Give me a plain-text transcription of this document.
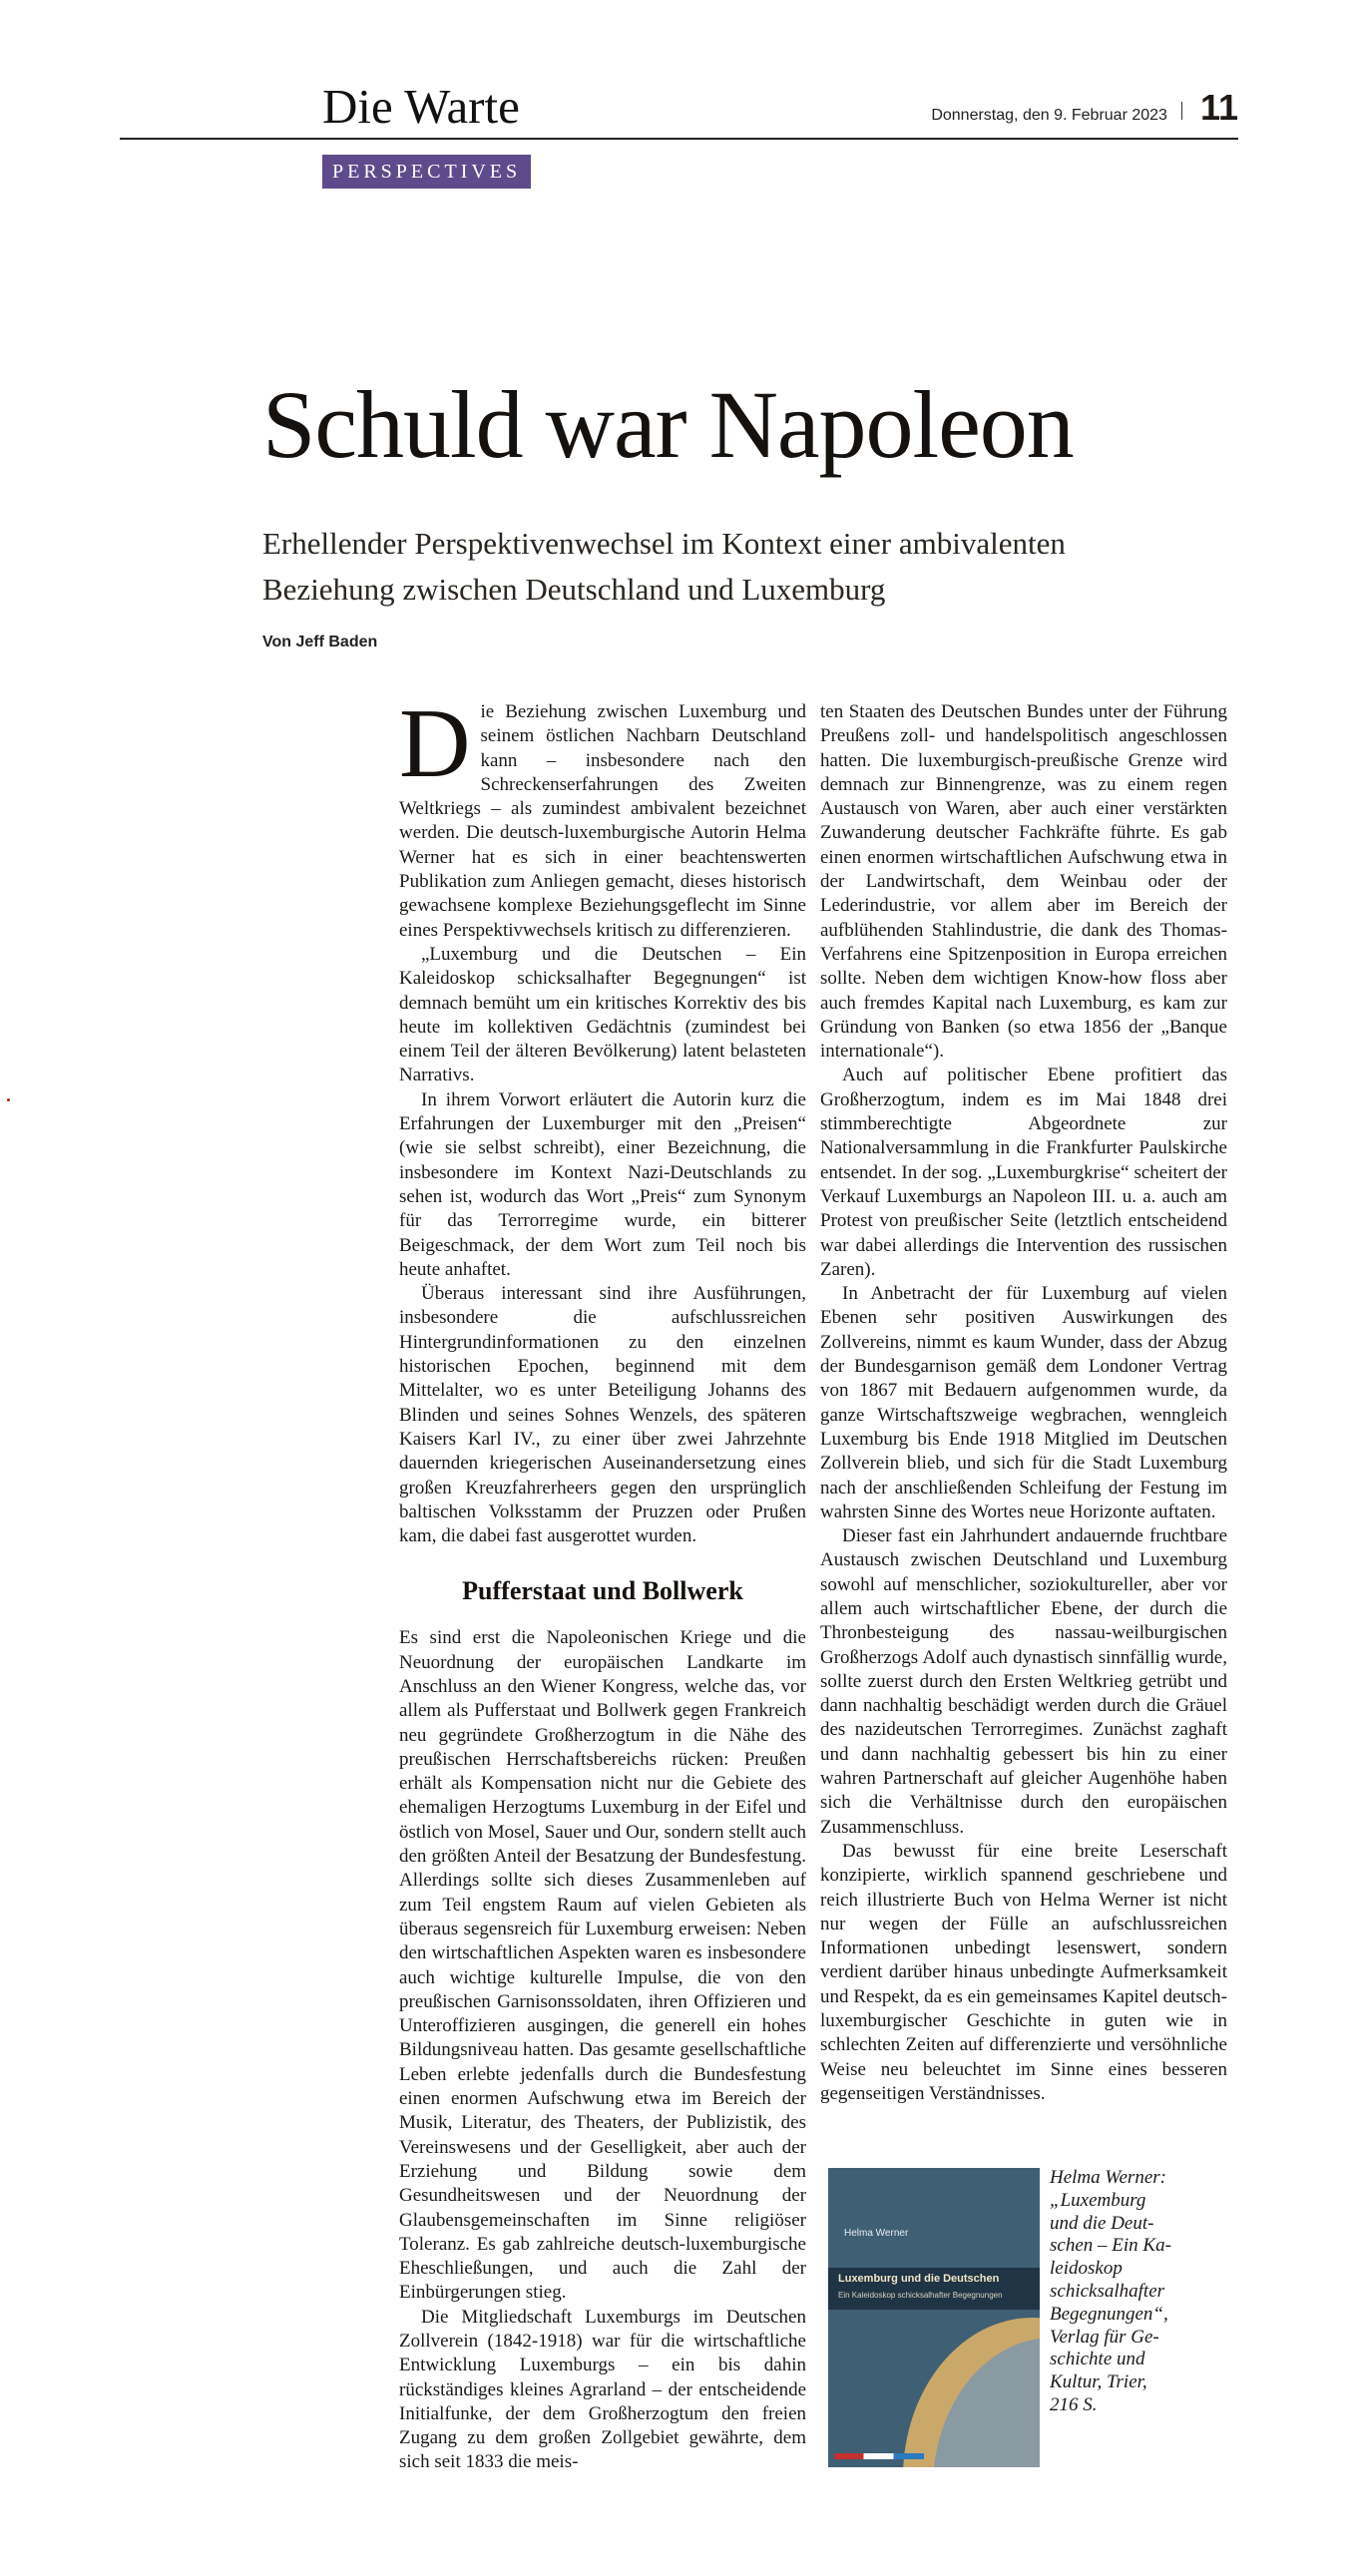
Die Warte	Donnerstag, den 9. Februar 2023 11
PERSPECTIVES
Schuld war Napoleon
Erhellender Perspektivenwechsel im Kontext einer ambivalenten
Beziehung zwischen Deutschland und Luxemburg
Von Jeff Baden
D ie Beziehung zwischen Luxemburg und seinem östlichen Nachbarn Deutschland kann – insbesondere nach den Schreckenserfahrungen des Zweiten Weltkriegs – als zumindest ambivalent bezeichnet werden. Die deutsch-luxemburgische Autorin Helma Werner hat es sich in einer beachtenswerten Publikation zum Anliegen gemacht, dieses historisch gewachsene komplexe Beziehungsgeflecht im Sinne eines Perspektivwechsels kritisch zu differenzieren.

„Luxemburg und die Deutschen – Ein Kaleidoskop schicksalhafter Begegnungen“ ist demnach bemüht um ein kritisches Korrektiv des bis heute im kollektiven Gedächtnis (zumindest bei einem Teil der älteren Bevölkerung) latent belasteten Narrativs.

In ihrem Vorwort erläutert die Autorin kurz die Erfahrungen der Luxemburger mit den „Preisen“ (wie sie selbst schreibt), einer Bezeichnung, die insbesondere im Kontext Nazi-Deutschlands zu sehen ist, wodurch das Wort „Preis“ zum Synonym für das Terrorregime wurde, ein bitterer Beigeschmack, der dem Wort zum Teil noch bis heute anhaftet.

Überaus interessant sind ihre Ausführungen, insbesondere die aufschlussreichen Hintergrundinformationen zu den einzelnen historischen Epochen, beginnend mit dem Mittelalter, wo es unter Beteiligung Johanns des Blinden und seines Sohnes Wenzels, des späteren Kaisers Karl IV., zu einer über zwei Jahrzehnte dauernden kriegerischen Auseinandersetzung eines großen Kreuzfahrerheers gegen den ursprünglich baltischen Volksstamm der Pruzzen oder Prußen kam, die dabei fast ausgerottet wurden.

Pufferstaat und Bollwerk

Es sind erst die Napoleonischen Kriege und die Neuordnung der europäischen Landkarte im Anschluss an den Wiener Kongress, welche das, vor allem als Pufferstaat und Bollwerk gegen Frankreich neu gegründete Großherzogtum in die Nähe des preußischen Herrschaftsbereichs rücken: Preußen erhält als Kompensation nicht nur die Gebiete des ehemaligen Herzogtums Luxemburg in der Eifel und östlich von Mosel, Sauer und Our, sondern stellt auch den größten Anteil der Besatzung der Bundesfestung. Allerdings sollte sich dieses Zusammenleben auf zum Teil engstem Raum auf vielen Gebieten als überaus segensreich für Luxemburg erweisen: Neben den wirtschaftlichen Aspekten waren es insbesondere auch wichtige kulturelle Impulse, die von den preußischen Garnisonssoldaten, ihren Offizieren und Unteroffizieren ausgingen, die generell ein hohes Bildungsniveau hatten. Das gesamte gesellschaftliche Leben erlebte jedenfalls durch die Bundesfestung einen enormen Aufschwung etwa im Bereich der Musik, Literatur, des Theaters, der Publizistik, des Vereinswesens und der Geselligkeit, aber auch der Erziehung und Bildung sowie dem Gesundheitswesen und der Neuordnung der Glaubensgemeinschaften im Sinne religiöser Toleranz. Es gab zahlreiche deutsch-luxemburgische Eheschließungen, und auch die Zahl der Einbürgerungen stieg.

Die Mitgliedschaft Luxemburgs im Deutschen Zollverein (1842-1918) war für die wirtschaftliche Entwicklung Luxemburgs – ein bis dahin rückständiges kleines Agrarland – der entscheidende Initialfunke, der dem Großherzogtum den freien Zugang zu dem großen Zollgebiet gewährte, dem sich seit 1833 die meis-

ten Staaten des Deutschen Bundes unter der Führung Preußens zoll- und handelspolitisch angeschlossen hatten. Die luxemburgisch-preußische Grenze wird demnach zur Binnengrenze, was zu einem regen Austausch von Waren, aber auch einer verstärkten Zuwanderung deutscher Fachkräfte führte. Es gab einen enormen wirtschaftlichen Aufschwung etwa in der Landwirtschaft, dem Weinbau oder der Lederindustrie, vor allem aber im Bereich der aufblühenden Stahlindustrie, die dank des Thomas-Verfahrens eine Spitzenposition in Europa erreichen sollte. Neben dem wichtigen Know-how floss aber auch fremdes Kapital nach Luxemburg, es kam zur Gründung von Banken (so etwa 1856 der „Banque internationale“).

Auch auf politischer Ebene profitiert das Großherzogtum, indem es im Mai 1848 drei stimmberechtigte Abgeordnete zur Nationalversammlung in die Frankfurter Paulskirche entsendet. In der sog. „Luxemburgkrise“ scheitert der Verkauf Luxemburgs an Napoleon III. u. a. auch am Protest von preußischer Seite (letztlich entscheidend war dabei allerdings die Intervention des russischen Zaren).

In Anbetracht der für Luxemburg auf vielen Ebenen sehr positiven Auswirkungen des Zollvereins, nimmt es kaum Wunder, dass der Abzug der Bundesgarnison gemäß dem Londoner Vertrag von 1867 mit Bedauern aufgenommen wurde, da ganze Wirtschaftszweige wegbrachen, wenngleich Luxemburg bis Ende 1918 Mitglied im Deutschen Zollverein blieb, und sich für die Stadt Luxemburg nach der anschließenden Schleifung der Festung im wahrsten Sinne des Wortes neue Horizonte auftaten.

Dieser fast ein Jahrhundert andauernde fruchtbare Austausch zwischen Deutschland und Luxemburg sowohl auf menschlicher, soziokultureller, aber vor allem auch wirtschaftlicher Ebene, der durch die Thronbesteigung des nassau-weilburgischen Großherzogs Adolf auch dynastisch sinnfällig wurde, sollte zuerst durch den Ersten Weltkrieg getrübt und dann nachhaltig beschädigt werden durch die Gräuel des nazideutschen Terrorregimes. Zunächst zaghaft und dann nachhaltig gebessert bis hin zu einer wahren Partnerschaft auf gleicher Augenhöhe haben sich die Verhältnisse durch den europäischen Zusammenschluss.

Das bewusst für eine breite Leserschaft konzipierte, wirklich spannend geschriebene und reich illustrierte Buch von Helma Werner ist nicht nur wegen der Fülle an aufschlussreichen Informationen unbedingt lesenswert, sondern verdient darüber hinaus unbedingte Aufmerksamkeit und Respekt, da es ein gemeinsames Kapitel deutsch-luxemburgischer Geschichte in guten wie in schlechten Zeiten auf differenzierte und versöhnliche Weise neu beleuchtet im Sinne eines besseren gegenseitigen Verständnisses.

Helma Werner
Luxemburg und die Deutschen
Ein Kaleidoskop schicksalhafter Begegnungen
Helma Werner:
„Luxemburg
und die Deut-
schen – Ein Ka-
leidoskop
schicksalhafter
Begegnungen“,
Verlag für Ge-
schichte und
Kultur, Trier,
216 S.
